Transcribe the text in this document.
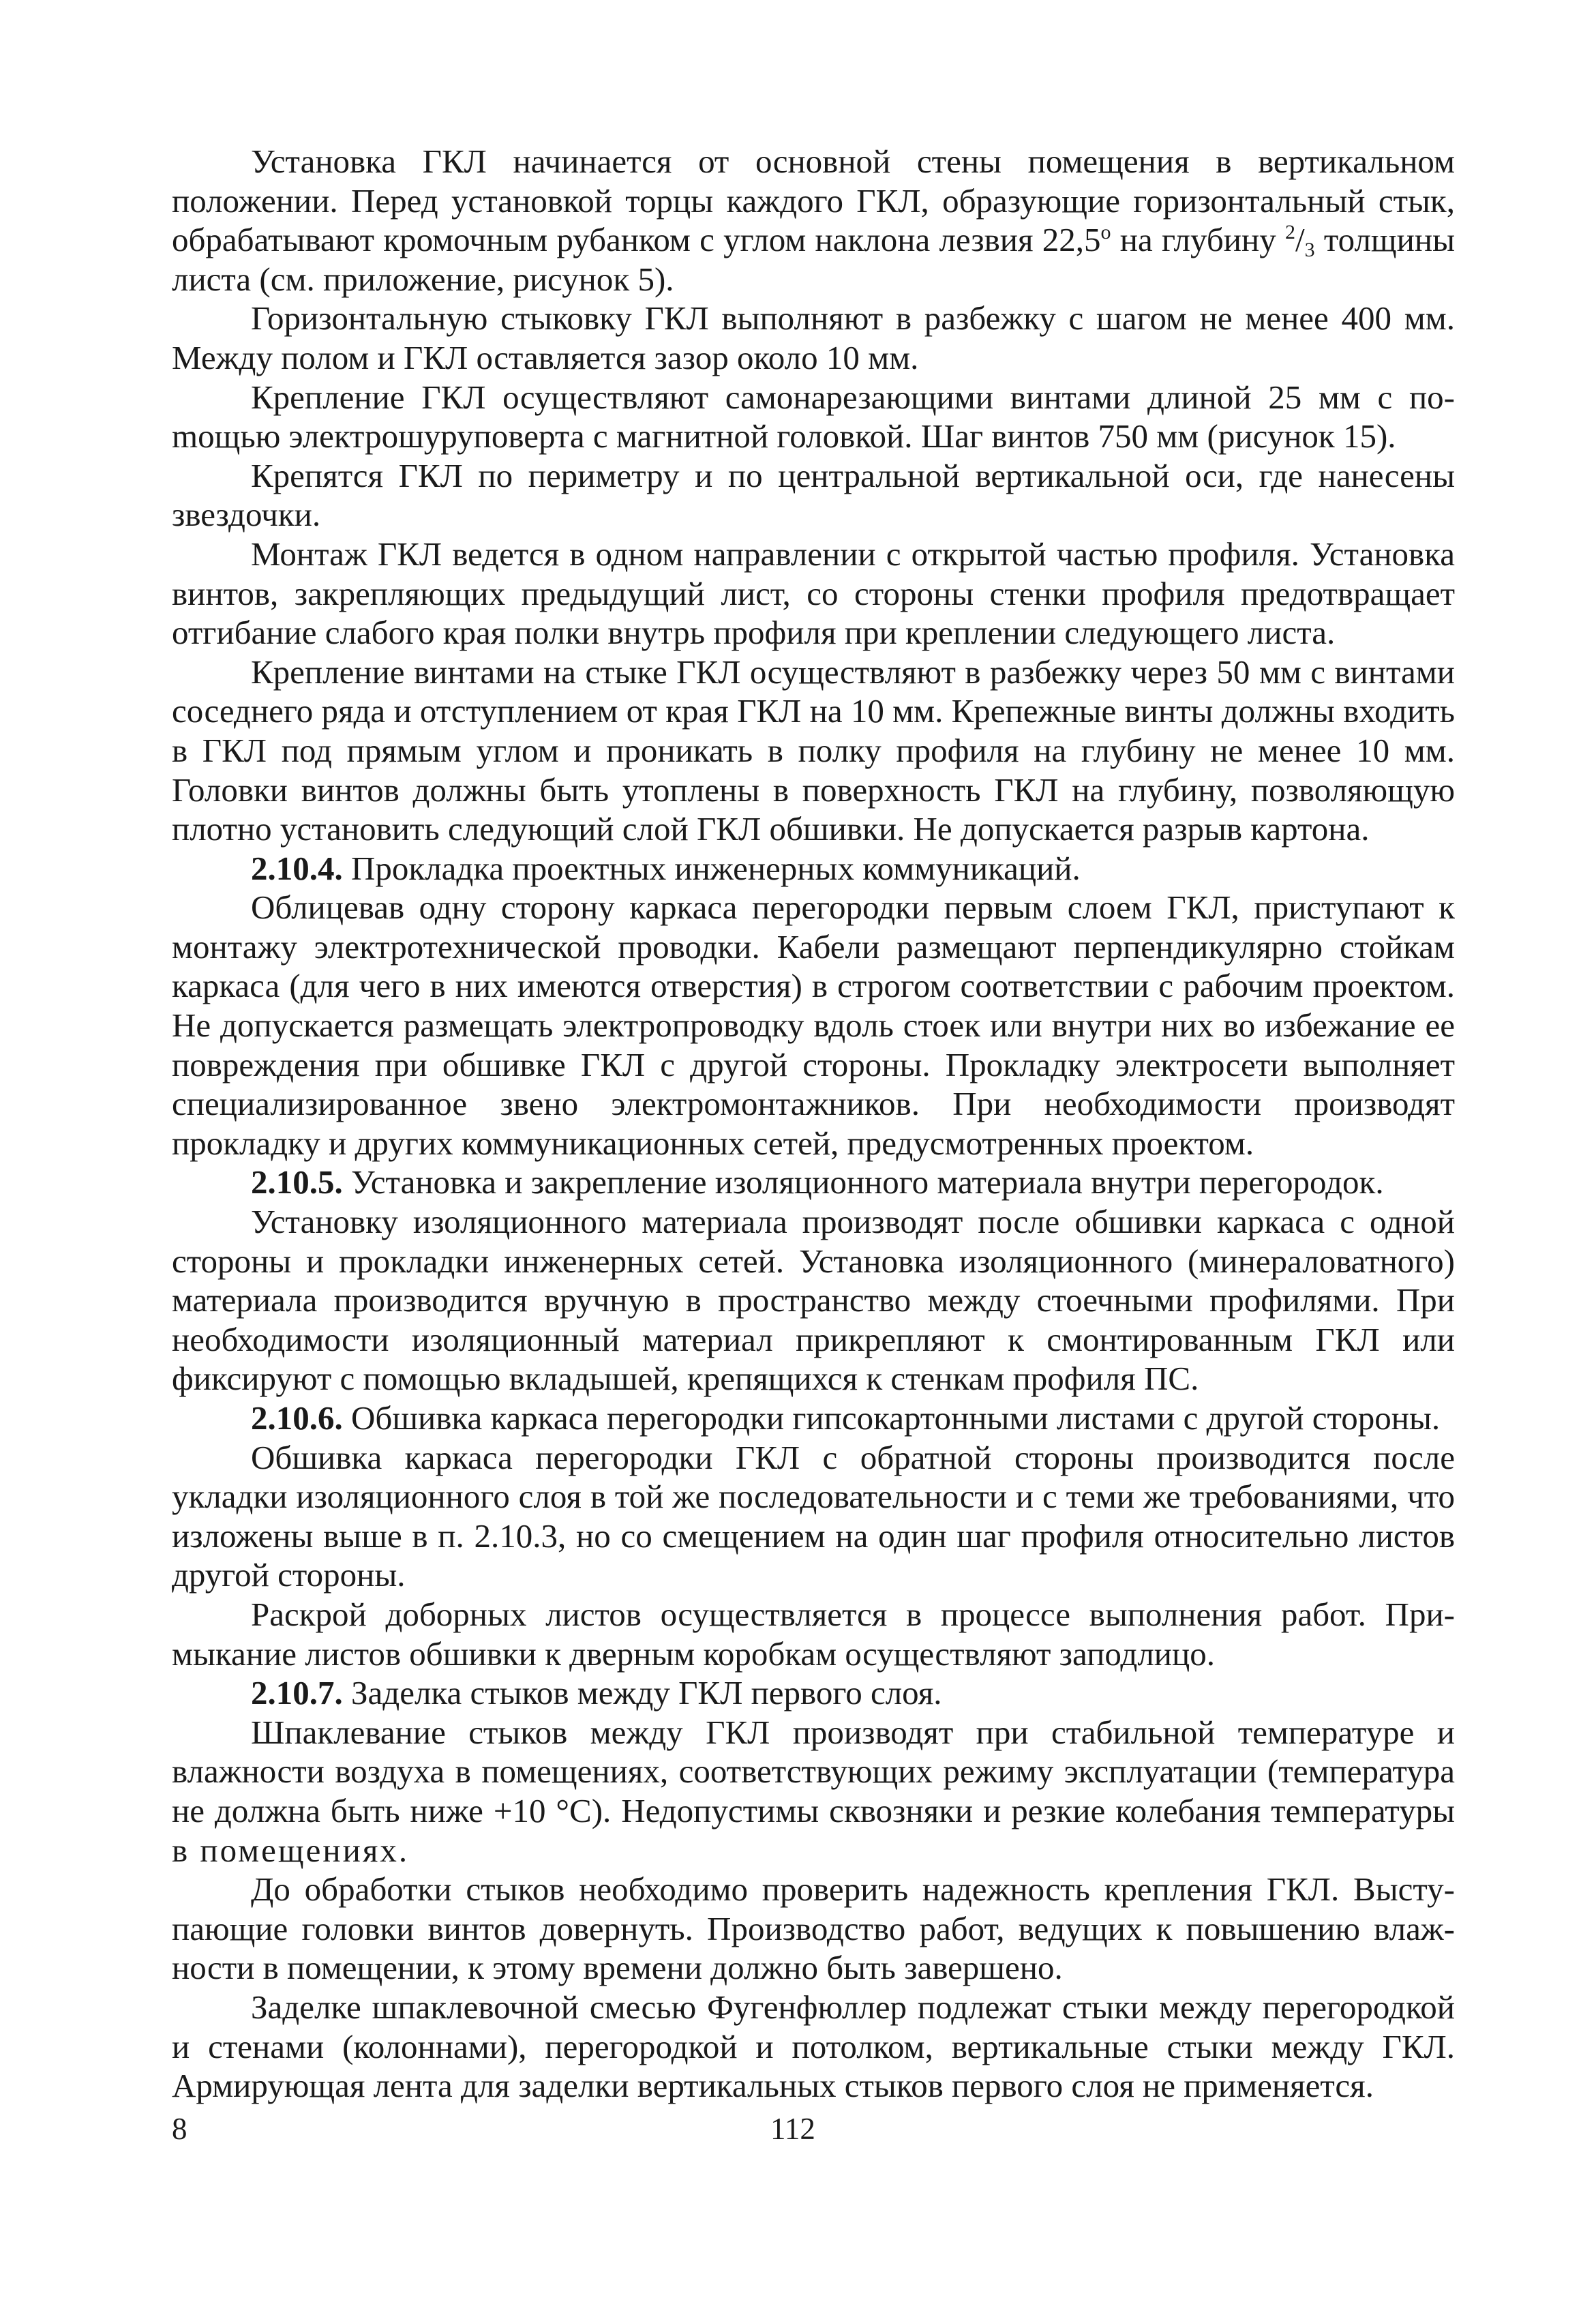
Установка ГКЛ начинается от основной стены помещения в вертикальном положении. Перед установкой торцы каждого ГКЛ, образующие горизонтальный стык, обрабатывают кромочным рубанком с углом наклона лезвия 22,5$^o$ на глубину $^2$/3 толщины листа (см. приложение, рисунок 5).

Горизонтальную стыковку ГКЛ выполняют в разбежку с шагом не менее 400 мм. Между полом и ГКЛ оставляется зазор около 10 мм.

Крепление ГКЛ осуществляют самонарезающими винтами длиной 25 мм с поmощью электрошуруповерта с магнитной головкой. Шаг винтов 750 мм (рисунок 15).

Крепятся ГКЛ по периметру и по центральной вертикальной оси, где нанесены звездочки.

Монтаж ГКЛ ведется в одном направлении с открытой частью профиля. Установка винтов, закрепляющих предыдущий лист, со стороны стенки профиля предотвращает отгибание слабого края полки внутрь профиля при креплении следующего листа.

Крепление винтами на стыке ГКЛ осуществляют в разбежку через 50 мм с винтами соседнего ряда и отступлением от края ГКЛ на 10 мм. Крепежные винты должны входить в ГКЛ под прямым углом и проникать в полку профиля на глубину не менее 10 мм. Головки винтов должны быть утоплены в поверхность ГКЛ на глубину, позволяющую плотно установить следующий слой ГКЛ обшивки. Не допускается разрыв картона.

2.10.4. Прокладка проектных инженерных коммуникаций.

Облицевав одну сторону каркаса перегородки первым слоем ГКЛ, приступают к монтажу электротехнической проводки. Кабели размещают перпендикулярно стойкам каркаса (для чего в них имеются отверстия) в строгом соответствии с рабочим проектом. Не допускается размещать электропроводку вдоль стоек или внутри них во избежание ее повреждения при обшивке ГКЛ с другой стороны. Прокладку электросети выполняет специализированное звено электромонтажников. При необходимости производят прокладку и других коммуникационных сетей, предусмотренных проектом.

2.10.5. Установка и закрепление изоляционного материала внутри перегородок.

Установку изоляционного материала производят после обшивки каркаса с одной стороны и прокладки инженерных сетей. Установка изоляционного (минераловатного) материала производится вручную в пространство между стоечными профилями. При необходимости изоляционный материал прикрепляют к смонтированным ГКЛ или фиксируют с помощью вкладышей, крепящихся к стенкам профиля ПС.

2.10.6. Обшивка каркаса перегородки гипсокартонными листами с другой стороны.

Обшивка каркаса перегородки ГКЛ с обратной стороны производится после укладки изоляционного слоя в той же последовательности и с теми же требованиями, что изложены выше в п. 2.10.3, но со смещением на один шаг профиля относительно листов другой стороны.

Раскрой доборных листов осуществляется в процессе выполнения работ. Примыкание листов обшивки к дверным коробкам осуществляют заподлицо.

2.10.7. Заделка стыков между ГКЛ первого слоя.

Шпаклевание стыков между ГКЛ производят при стабильной температуре и влажности воздуха в помещениях, соответствующих режиму эксплуатации (температура не должна быть ниже +10 °С). Недопустимы сквозняки и резкие колебания температуры в помещениях.

До обработки стыков необходимо проверить надежность крепления ГКЛ. Выступающие головки винтов довернуть. Производство работ, ведущих к повышению влажности в помещении, к этому времени должно быть завершено.

Заделке шпаклевочной смесью Фугенфюллер подлежат стыки между перегородкой и стенами (колоннами), перегородкой и потолком, вертикальные стыки между ГКЛ. Армирующая лента для заделки вертикальных стыков первого слоя не применяется.

8	112
